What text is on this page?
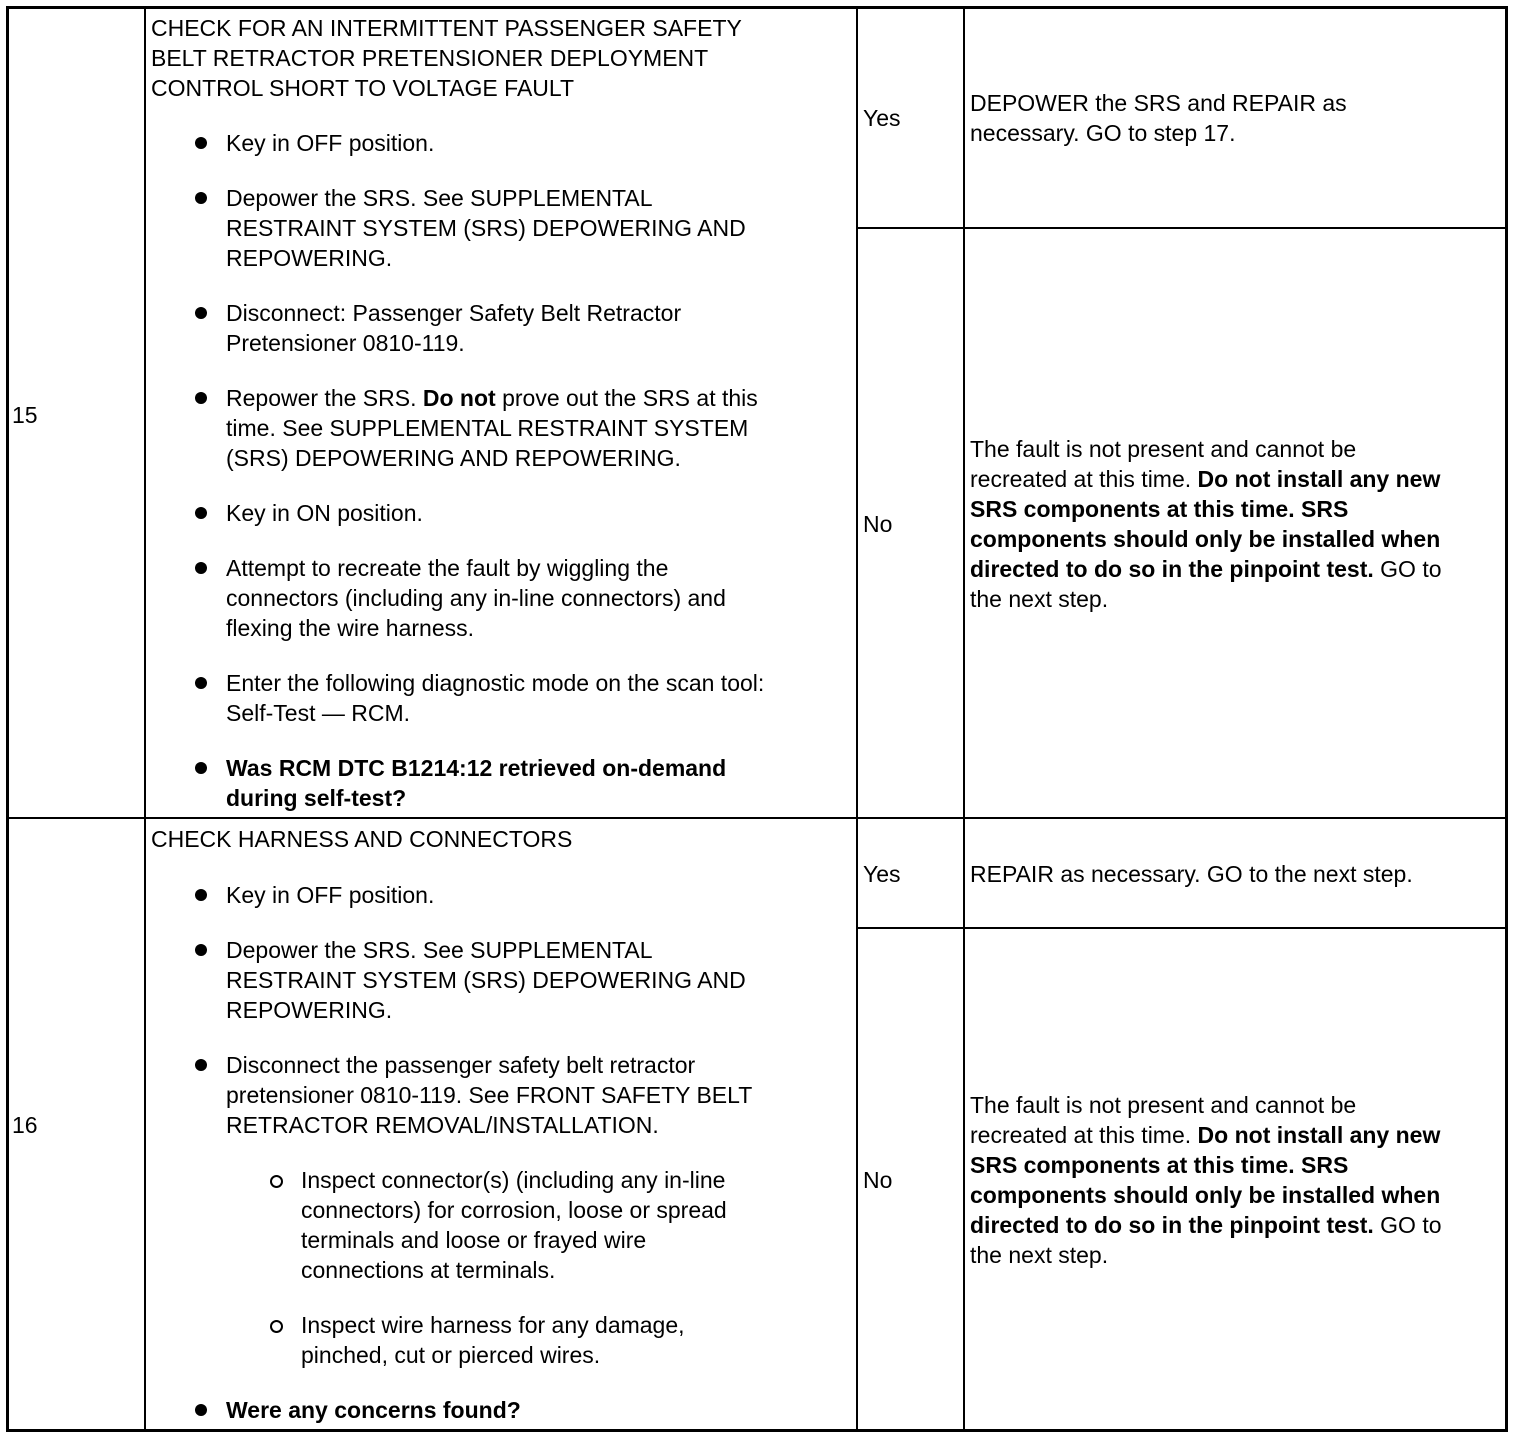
15
CHECK FOR AN INTERMITTENT PASSENGER SAFETY
BELT RETRACTOR PRETENSIONER DEPLOYMENT
CONTROL SHORT TO VOLTAGE FAULT
Key in OFF position.
Depower the SRS. See SUPPLEMENTAL
RESTRAINT SYSTEM (SRS) DEPOWERING AND
REPOWERING.
Disconnect: Passenger Safety Belt Retractor
Pretensioner 0810-119.
Repower the SRS. Do not prove out the SRS at this
time. See SUPPLEMENTAL RESTRAINT SYSTEM
(SRS) DEPOWERING AND REPOWERING.
Key in ON position.
Attempt to recreate the fault by wiggling the
connectors (including any in-line connectors) and
flexing the wire harness.
Enter the following diagnostic mode on the scan tool:
Self-Test — RCM.
Was RCM DTC B1214:12 retrieved on-demand
during self-test?
Yes
DEPOWER the SRS and REPAIR as
necessary. GO to step 17.
No
The fault is not present and cannot be
recreated at this time. Do not install any new
SRS components at this time. SRS
components should only be installed when
directed to do so in the pinpoint test. GO to
the next step.
16
CHECK HARNESS AND CONNECTORS
Key in OFF position.
Depower the SRS. See SUPPLEMENTAL
RESTRAINT SYSTEM (SRS) DEPOWERING AND
REPOWERING.
Disconnect the passenger safety belt retractor
pretensioner 0810-119. See FRONT SAFETY BELT
RETRACTOR REMOVAL/INSTALLATION.
Inspect connector(s) (including any in-line
connectors) for corrosion, loose or spread
terminals and loose or frayed wire
connections at terminals.
Inspect wire harness for any damage,
pinched, cut or pierced wires.
Were any concerns found?
Yes	REPAIR as necessary. GO to the next step.
No
The fault is not present and cannot be
recreated at this time. Do not install any new
SRS components at this time. SRS
components should only be installed when
directed to do so in the pinpoint test. GO to
the next step.
